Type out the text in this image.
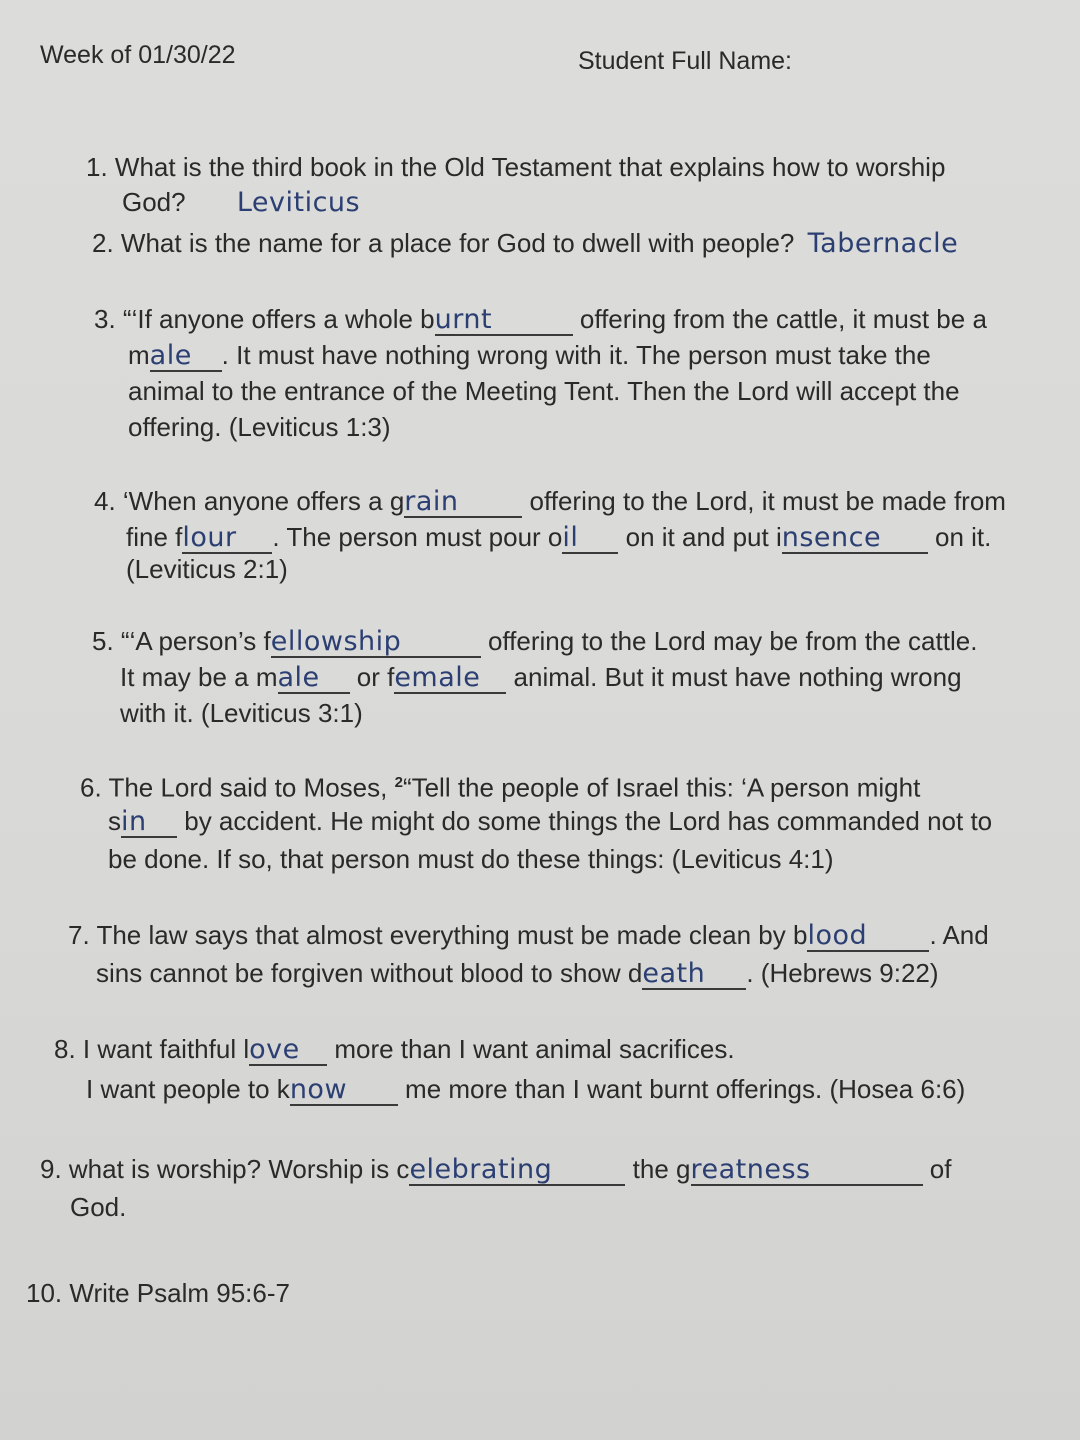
Week of 01/30/22	Student Full Name:
1. What is the third book in the Old Testament that explains how to worship
God? Leviticus
2. What is the name for a place for God to dwell with people? Tabernacle
3. “‘If anyone offers a whole burnt	offering from the cattle, it must be a
male . It must have nothing wrong with it. The person must take the
animal to the entrance of the Meeting Tent. Then the Lord will accept the
offering. (Leviticus 1:3)
4. ‘When anyone offers a grain	offering to the Lord, it must be made from
fine flour . The person must pour oil on it and put insence on it.
(Leviticus 2:1)
5. “‘A person’s fellowship	offering to the Lord may be from the cattle.
It may be a male or female animal. But it must have nothing wrong
with it. (Leviticus 3:1)
6. The Lord said to Moses, $^2$“Tell the people of Israel this: ‘A person might
sin by accident. He might do some things the Lord has commanded not to
be done. If so, that person must do these things: (Leviticus 4:1)
7. The law says that almost everything must be made clean by blood . And
sins cannot be forgiven without blood to show death . (Hebrews 9:22)
8. I want faithful love more than I want animal sacrifices.
I want people to know me more than I want burnt offerings. (Hosea 6:6)
9. what is worship? Worship is celebrating	the greatness	of
God.
10. Write Psalm 95:6-7
